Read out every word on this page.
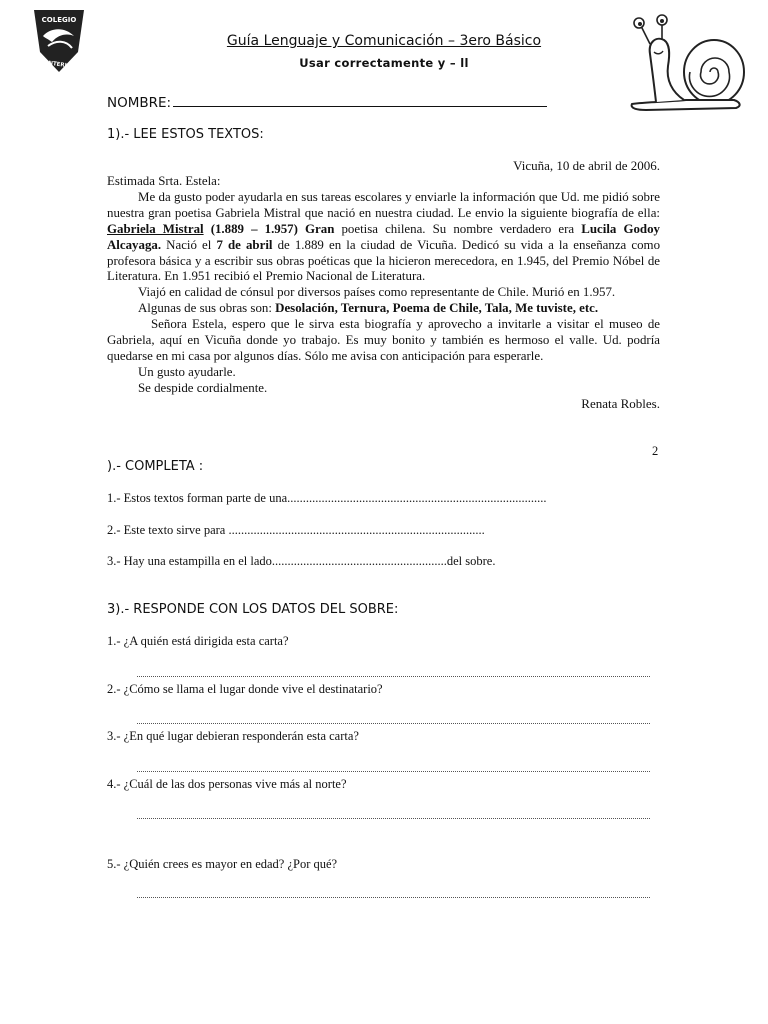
COLEGIO
WINTERHILL
Guía Lenguaje y Comunicación – 3ero Básico
Usar correctamente y – ll
NOMBRE:
1).- LEE ESTOS TEXTOS:
Vicuña, 10 de abril de 2006.

Estimada Srta. Estela:

Me da gusto poder ayudarla en sus tareas escolares y enviarle la información que Ud. me pidió sobre nuestra gran poetisa Gabriela Mistral que nació en nuestra ciudad. Le envio la siguiente biografía de ella: Gabriela Mistral (1.889 – 1.957) Gran poetisa chilena. Su nombre verdadero era Lucila Godoy Alcayaga. Nació el 7 de abril de 1.889 en la ciudad de Vicuña. Dedicó su vida a la enseñanza como profesora básica y a escribir sus obras poéticas que la hicieron merecedora, en 1.945, del Premio Nóbel de Literatura. En 1.951 recibió el Premio Nacional de Literatura.

Viajó en calidad de cónsul por diversos países como representante de Chile. Murió en 1.957.

Algunas de sus obras son: Desolación, Ternura, Poema de Chile, Tala, Me tuviste, etc.

Señora Estela, espero que le sirva esta biografía y aprovecho a invitarle a visitar el museo de Gabriela, aquí en Vicuña donde yo trabajo. Es muy bonito y también es hermoso el valle. Ud. podría quedarse en mi casa por algunos días. Sólo me avisa con anticipación para esperarle.

Un gusto ayudarle.

Se despide cordialmente.

Renata Robles.
2
).- COMPLETA :
1.- Estos textos forman parte de una...................................................................................
2.- Este texto sirve para ..................................................................................
3.- Hay una estampilla en el lado........................................................del sobre.
3).- RESPONDE CON LOS DATOS DEL SOBRE:
1.- ¿A quién está dirigida esta carta?
2.- ¿Cómo se llama el lugar donde vive el destinatario?
3.- ¿En qué lugar debieran responderán esta carta?
4.- ¿Cuál de las dos personas vive más al norte?
5.- ¿Quién crees es mayor en edad? ¿Por qué?
